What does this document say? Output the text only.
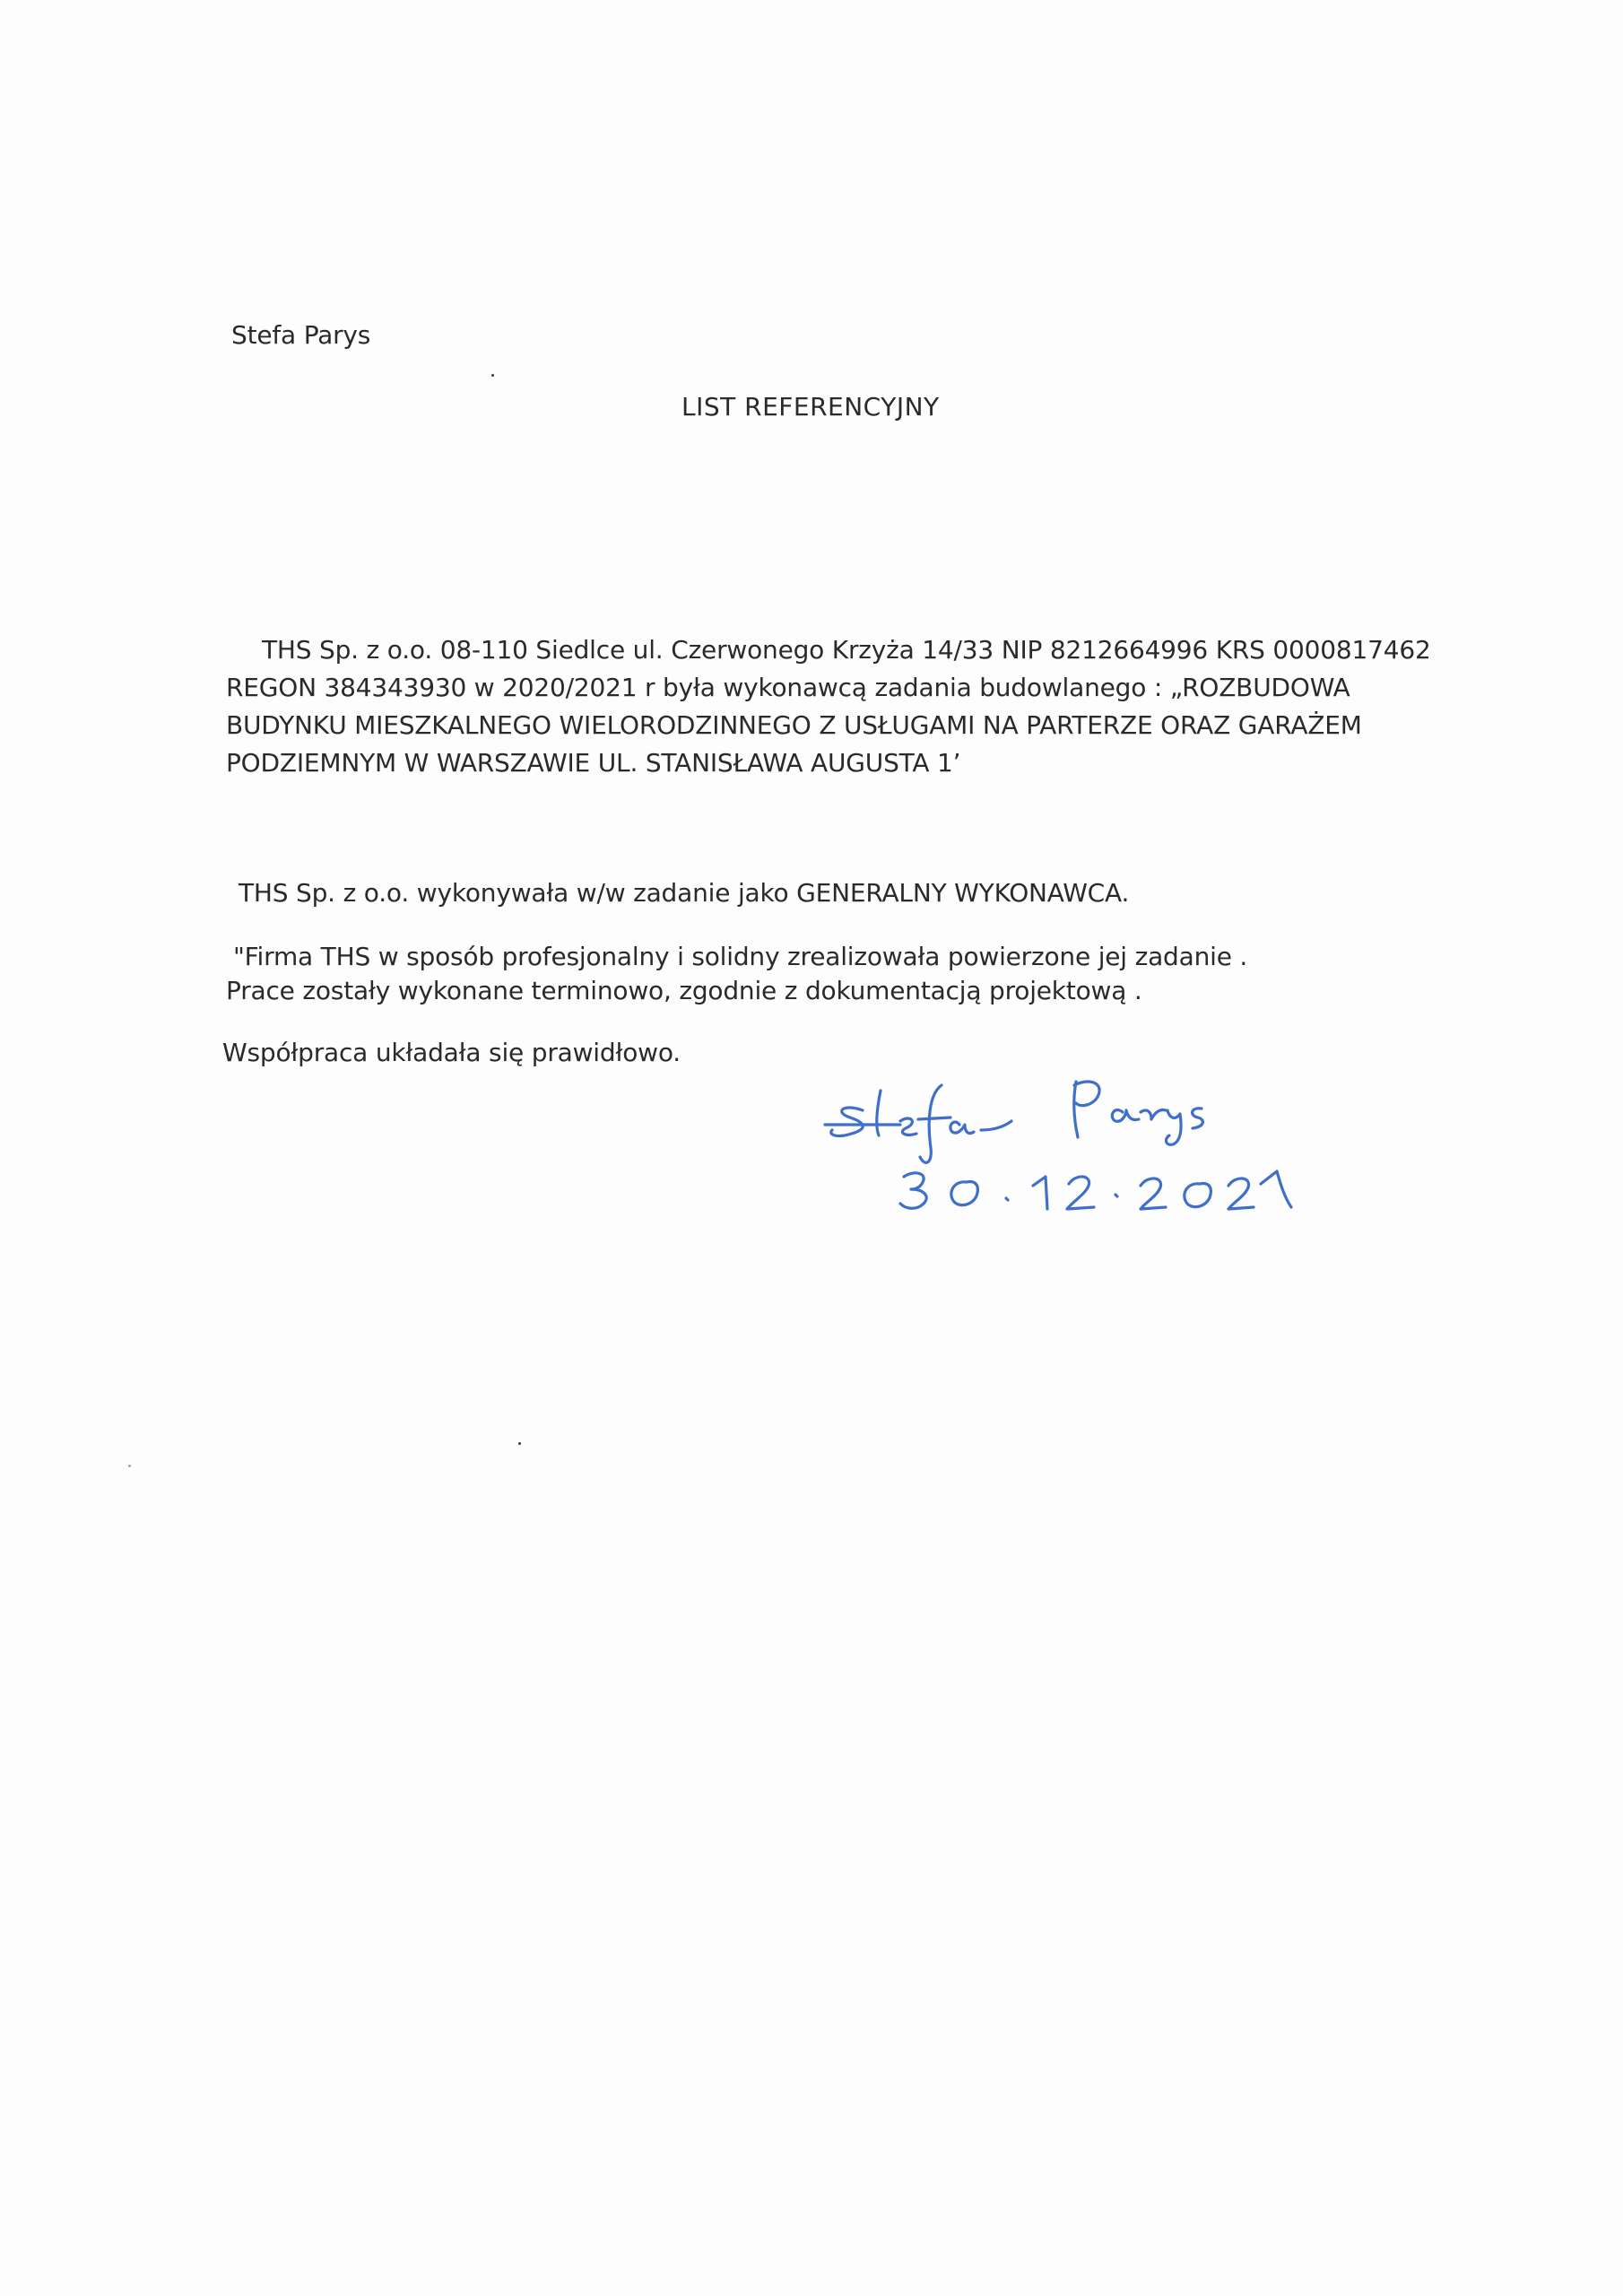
Stefa Parys
LIST REFERENCYJNY
THS Sp. z o.o. 08-110 Siedlce ul. Czerwonego Krzyża 14/33 NIP 8212664996 KRS 0000817462
REGON 384343930 w 2020/2021 r była wykonawcą zadania budowlanego : „ROZBUDOWA
BUDYNKU MIESZKALNEGO WIELORODZINNEGO Z USŁUGAMI NA PARTERZE ORAZ GARAŻEM
PODZIEMNYM W WARSZAWIE UL. STANISŁAWA AUGUSTA 1’
THS Sp. z o.o. wykonywała w/w zadanie jako GENERALNY WYKONAWCA.
"Firma THS w sposób profesjonalny i solidny zrealizowała powierzone jej zadanie .
Prace zostały wykonane terminowo, zgodnie z dokumentacją projektową .
Współpraca układała się prawidłowo.
